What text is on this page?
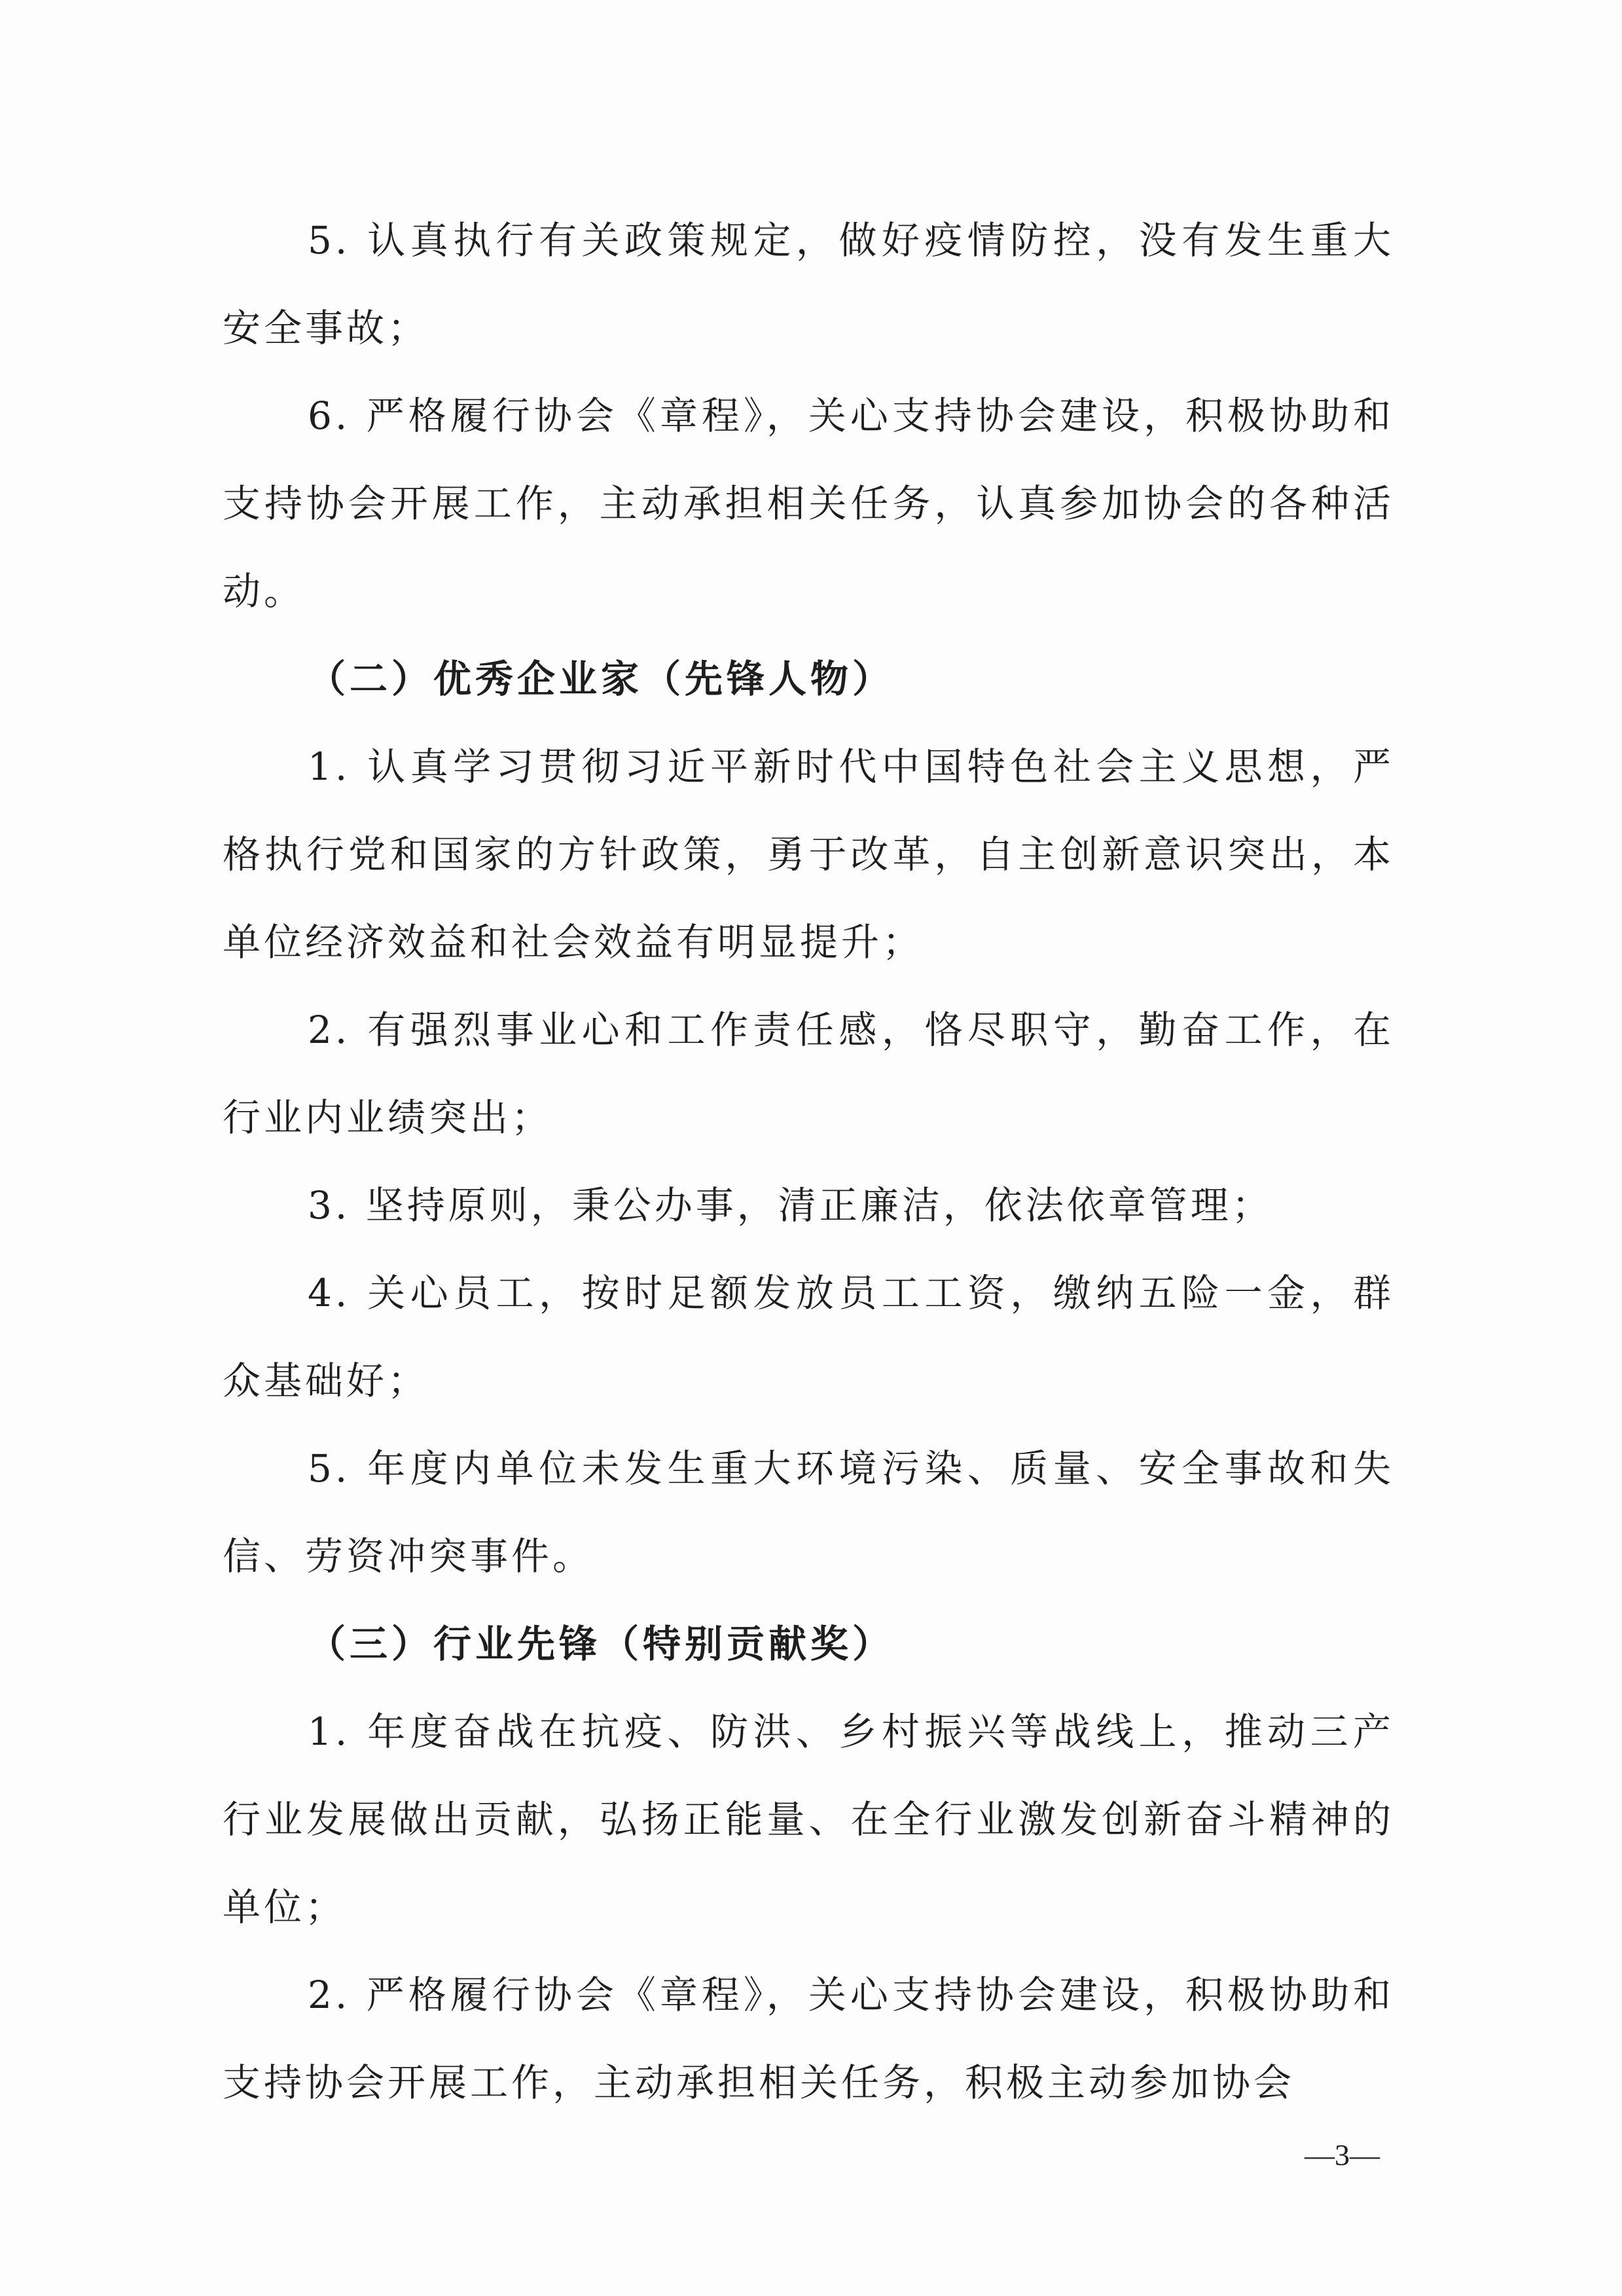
5. 认真执行有关政策规定，做好疫情防控，没有发生重大安全事故；

6. 严格履行协会《章程》，关心支持协会建设，积极协助和支持协会开展工作，主动承担相关任务，认真参加协会的各种活动。

（二）优秀企业家（先锋人物）

1. 认真学习贯彻习近平新时代中国特色社会主义思想，严格执行党和国家的方针政策，勇于改革，自主创新意识突出，本单位经济效益和社会效益有明显提升；

2. 有强烈事业心和工作责任感，恪尽职守，勤奋工作，在行业内业绩突出；

3. 坚持原则，秉公办事，清正廉洁，依法依章管理；

4. 关心员工，按时足额发放员工工资，缴纳五险一金，群众基础好；

5. 年度内单位未发生重大环境污染、质量、安全事故和失信、劳资冲突事件。

（三）行业先锋（特别贡献奖）

1. 年度奋战在抗疫、防洪、乡村振兴等战线上，推动三产行业发展做出贡献，弘扬正能量、在全行业激发创新奋斗精神的单位；

2. 严格履行协会《章程》，关心支持协会建设，积极协助和支持协会开展工作，主动承担相关任务，积极主动参加协会

—3—
